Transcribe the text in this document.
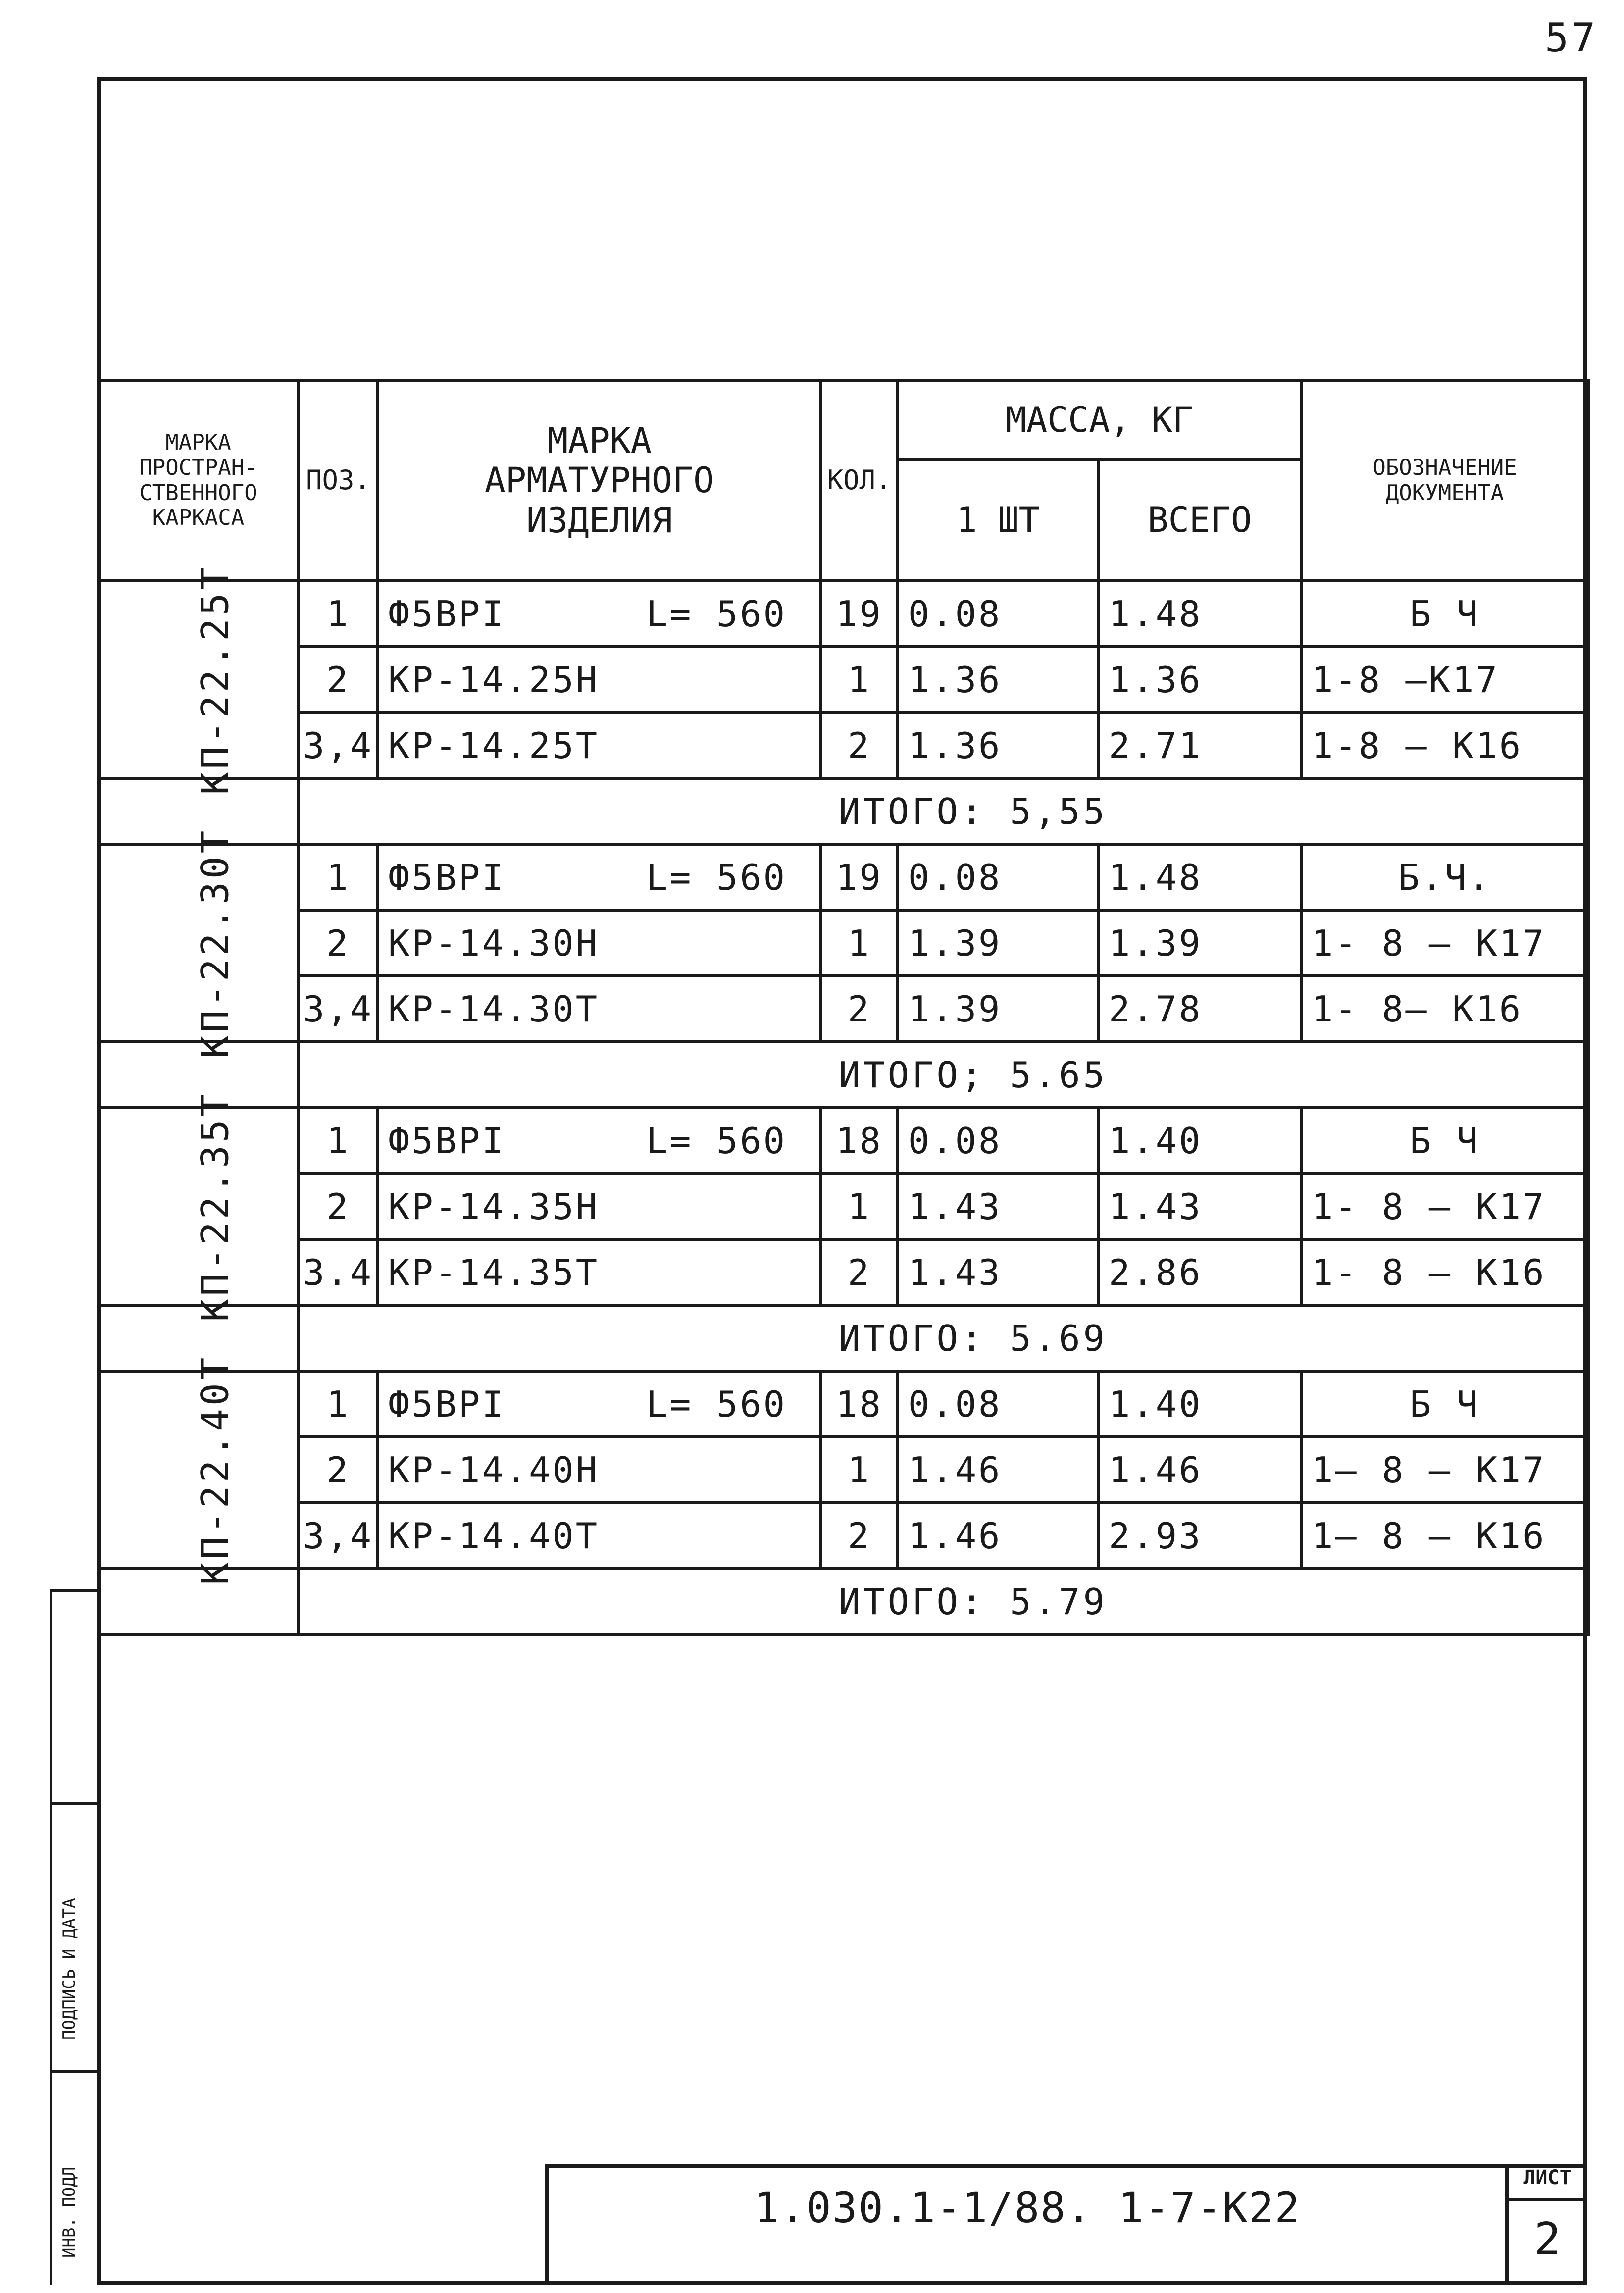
57
ПОДПИСЬ И ДАТА
ИНВ. ПОДЛ
МАРКА
ПРОСТРАН-
СТВЕННОГО
КАРКАСА	ПОЗ.	МАРКА
АРМАТУРНОГО
ИЗДЕЛИЯ	КОЛ.	МАССА, КГ		ОБОЗНАЧЕНИЕ
ДОКУМЕНТА
				1 ШТ	ВСЕГО	
КП-22.25Т	1	Ф5ВРI      L= 560	19	0.08	1.48	Б Ч
	2	КР-14.25Н	1	1.36	1.36	1-8 —К17
	3,4	КР-14.25Т	2	1.36	2.71	1-8 — К16
	ИТОГО: 5,55					
КП-22.30Т	1	Ф5ВРI      L= 560	19	0.08	1.48	Б.Ч.
	2	КР-14.30Н	1	1.39	1.39	1- 8 — К17
	3,4	КР-14.30Т	2	1.39	2.78	1- 8— К16
	ИТОГО; 5.65					
КП-22.35Т	1	Ф5ВРI      L= 560	18	0.08	1.40	Б Ч
	2	КР-14.35Н	1	1.43	1.43	1- 8 — К17
	3.4	КР-14.35Т	2	1.43	2.86	1- 8 — К16
	ИТОГО: 5.69					
КП-22.40Т	1	Ф5ВРI      L= 560	18	0.08	1.40	Б Ч
	2	КР-14.40Н	1	1.46	1.46	1— 8 — К17
	3,4	КР-14.40Т	2	1.46	2.93	1— 8 — К16
	ИТОГО: 5.79					
1.030.1-1/88. 1-7-К22
ЛИСТ
2
